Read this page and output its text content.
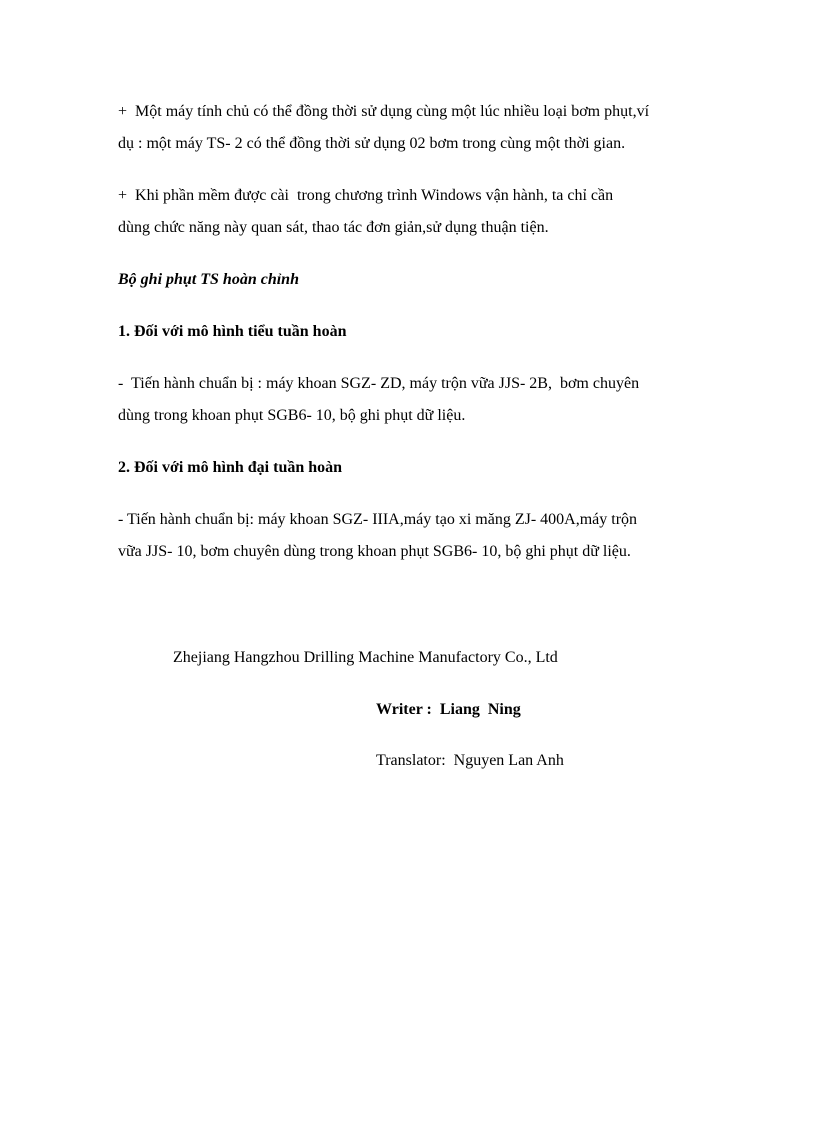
+  Một máy tính chủ có thể đồng thời sử dụng cùng một lúc nhiều loại bơm phụt,ví
dụ : một máy TS- 2 có thể đồng thời sử dụng 02 bơm trong cùng một thời gian.
+  Khi phần mềm được cài  trong chương trình Windows vận hành, ta chỉ cần
dùng chức năng này quan sát, thao tác đơn giản,sử dụng thuận tiện.
Bộ ghi phụt TS hoàn chỉnh
1. Đối với mô hình tiểu tuần hoàn
-  Tiến hành chuẩn bị : máy khoan SGZ- ZD, máy trộn vữa JJS- 2B,  bơm chuyên
dùng trong khoan phụt SGB6- 10, bộ ghi phụt dữ liệu.
2. Đối với mô hình đại tuần hoàn
- Tiến hành chuẩn bị: máy khoan SGZ- IIIA,máy tạo xi măng ZJ- 400A,máy trộn
vữa JJS- 10, bơm chuyên dùng trong khoan phụt SGB6- 10, bộ ghi phụt dữ liệu.
Zhejiang Hangzhou Drilling Machine Manufactory Co., Ltd
Writer :  Liang  Ning
Translator:  Nguyen Lan Anh
